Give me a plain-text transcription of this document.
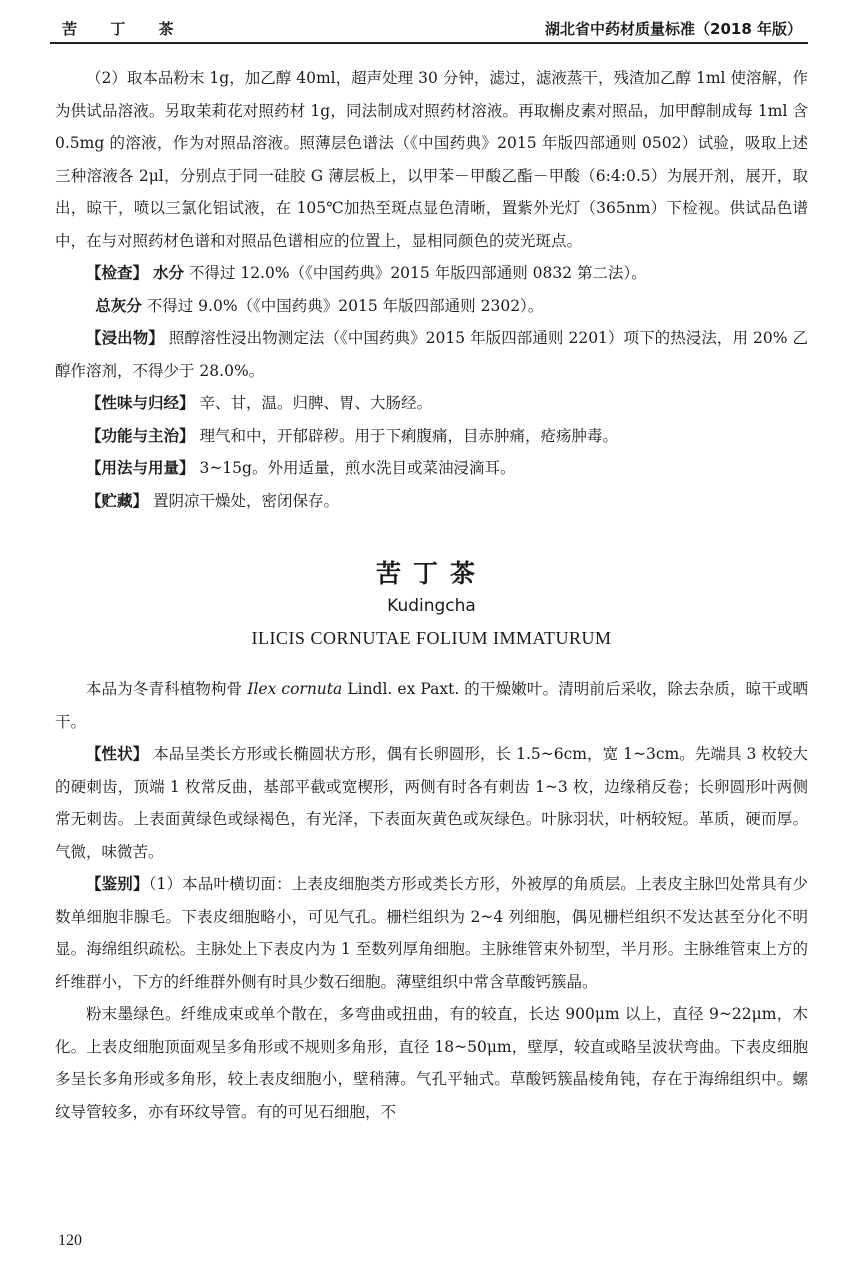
苦 丁 茶	湖北省中药材质量标准（2018 年版）

（2）取本品粉末 1g，加乙醇 40ml，超声处理 30 分钟，滤过，滤液蒸干，残渣加乙醇 1ml 使溶解，作为供试品溶液。另取茉莉花对照药材 1g，同法制成对照药材溶液。再取槲皮素对照品，加甲醇制成每 1ml 含 0.5mg 的溶液，作为对照品溶液。照薄层色谱法（《中国药典》2015 年版四部通则 0502）试验，吸取上述三种溶液各 2μl，分别点于同一硅胶 G 薄层板上，以甲苯－甲酸乙酯－甲酸（6:4:0.5）为展开剂，展开，取出，晾干，喷以三氯化铝试液，在 105℃加热至斑点显色清晰，置紫外光灯（365nm）下检视。供试品色谱中，在与对照药材色谱和对照品色谱相应的位置上，显相同颜色的荧光斑点。

【检查】 水分 不得过 12.0%（《中国药典》2015 年版四部通则 0832 第二法）。

总灰分 不得过 9.0%（《中国药典》2015 年版四部通则 2302）。

【浸出物】 照醇溶性浸出物测定法（《中国药典》2015 年版四部通则 2201）项下的热浸法，用 20% 乙醇作溶剂，不得少于 28.0%。

【性味与归经】 辛、甘，温。归脾、胃、大肠经。

【功能与主治】 理气和中，开郁辟秽。用于下痢腹痛，目赤肿痛，疮疡肿毒。

【用法与用量】 3~15g。外用适量，煎水洗目或菜油浸滴耳。

【贮藏】 置阴凉干燥处，密闭保存。

苦丁茶
Kudingcha
ILICIS CORNUTAE FOLIUM IMMATURUM

本品为冬青科植物枸骨 Ilex cornuta Lindl. ex Paxt. 的干燥嫩叶。清明前后采收，除去杂质，晾干或晒干。

【性状】 本品呈类长方形或长椭圆状方形，偶有长卵圆形，长 1.5~6cm，宽 1~3cm。先端具 3 枚较大的硬刺齿，顶端 1 枚常反曲，基部平截或宽楔形，两侧有时各有刺齿 1~3 枚，边缘稍反卷；长卵圆形叶两侧常无刺齿。上表面黄绿色或绿褐色，有光泽，下表面灰黄色或灰绿色。叶脉羽状，叶柄较短。革质，硬而厚。气微，味微苦。

【鉴别】（1）本品叶横切面：上表皮细胞类方形或类长方形，外被厚的角质层。上表皮主脉凹处常具有少数单细胞非腺毛。下表皮细胞略小，可见气孔。栅栏组织为 2~4 列细胞，偶见栅栏组织不发达甚至分化不明显。海绵组织疏松。主脉处上下表皮内为 1 至数列厚角细胞。主脉维管束外韧型，半月形。主脉维管束上方的纤维群小，下方的纤维群外侧有时具少数石细胞。薄壁组织中常含草酸钙簇晶。

粉末墨绿色。纤维成束或单个散在，多弯曲或扭曲，有的较直，长达 900μm 以上，直径 9~22μm，木化。上表皮细胞顶面观呈多角形或不规则多角形，直径 18~50μm，壁厚，较直或略呈波状弯曲。下表皮细胞多呈长多角形或多角形，较上表皮细胞小，壁稍薄。气孔平轴式。草酸钙簇晶棱角钝，存在于海绵组织中。螺纹导管较多，亦有环纹导管。有的可见石细胞，不

120
